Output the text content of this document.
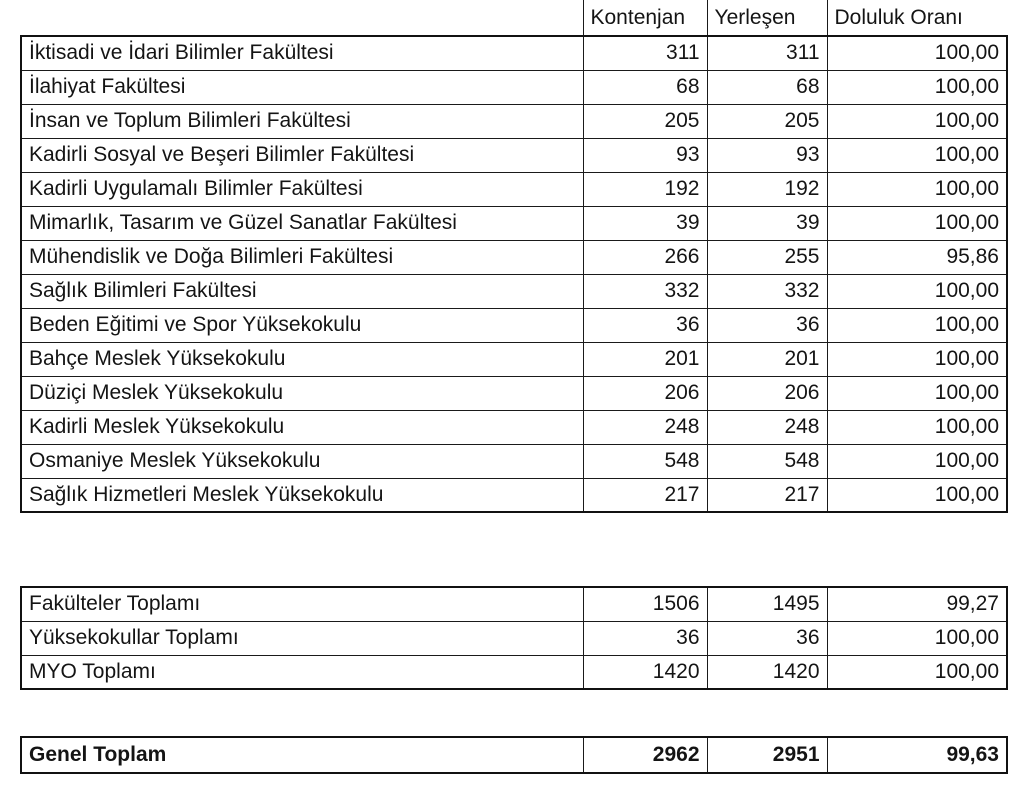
	Kontenjan	Yerleşen	Doluluk Oranı
İktisadi ve İdari Bilimler Fakültesi	311	311	100,00
İlahiyat Fakültesi	68	68	100,00
İnsan ve Toplum Bilimleri Fakültesi	205	205	100,00
Kadirli Sosyal ve Beşeri Bilimler Fakültesi	93	93	100,00
Kadirli Uygulamalı Bilimler Fakültesi	192	192	100,00
Mimarlık, Tasarım ve Güzel Sanatlar Fakültesi	39	39	100,00
Mühendislik ve Doğa Bilimleri Fakültesi	266	255	95,86
Sağlık Bilimleri Fakültesi	332	332	100,00
Beden Eğitimi ve Spor Yüksekokulu	36	36	100,00
Bahçe Meslek Yüksekokulu	201	201	100,00
Düziçi Meslek Yüksekokulu	206	206	100,00
Kadirli Meslek Yüksekokulu	248	248	100,00
Osmaniye Meslek Yüksekokulu	548	548	100,00
Sağlık Hizmetleri Meslek Yüksekokulu	217	217	100,00
Fakülteler Toplamı	1506	1495	99,27
Yüksekokullar Toplamı	36	36	100,00
MYO Toplamı	1420	1420	100,00
Genel Toplam	2962	2951	99,63
